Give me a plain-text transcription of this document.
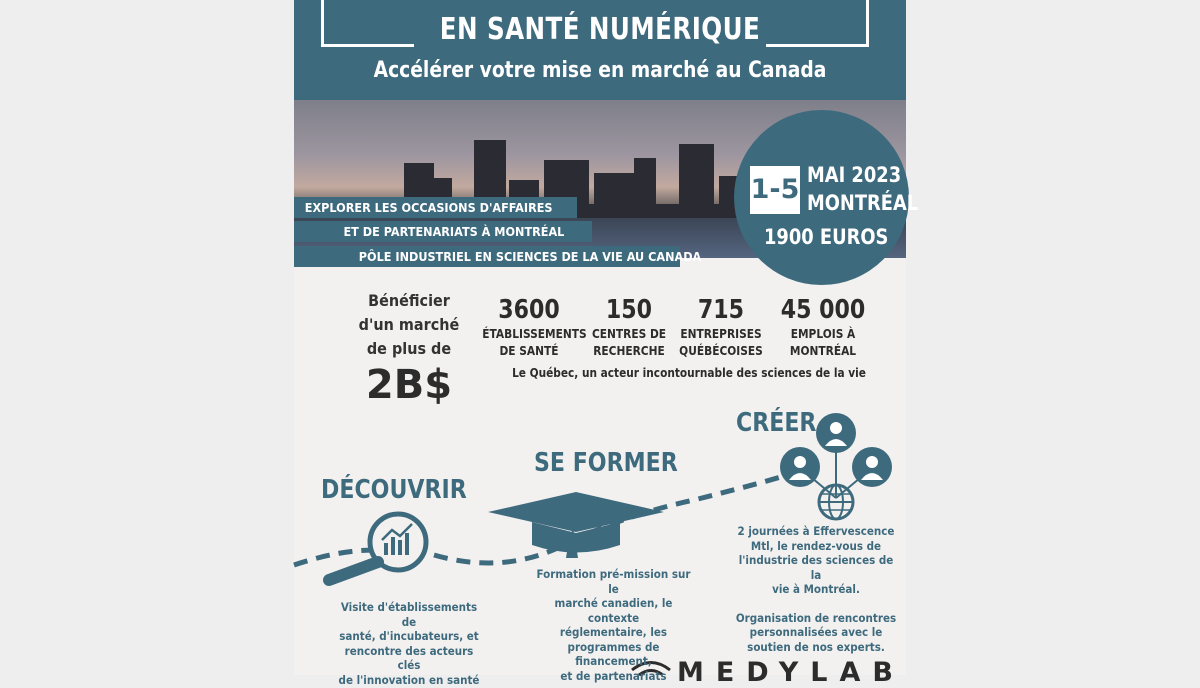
EN SANTÉ NUMÉRIQUE
Accélérer votre mise en marché au Canada
EXPLORER LES OCCASIONS D'AFFAIRES
ET DE PARTENARIATS À MONTRÉAL
PÔLE INDUSTRIEL EN SCIENCES DE LA VIE AU CANADA
1-5 MAI 2023
MONTRÉAL
1900 EUROS
Bénéficier
d'un marché
de plus de
2B$
3600
ÉTABLISSEMENTS
DE SANTÉ
150
CENTRES DE
RECHERCHE
715
ENTREPRISES
QUÉBÉCOISES
45 000
EMPLOIS À
MONTRÉAL
Le Québec, un acteur incontournable des sciences de la vie
DÉCOUVRIR
SE FORMER
CRÉER
Visite d'établissements de
santé, d'incubateurs, et
rencontre des acteurs clés
de l'innovation en santé
Formation pré-mission sur le
marché canadien, le contexte
réglementaire, les
programmes de financement,
et de partenariats
2 journées à Effervescence
Mtl, le rendez-vous de
l'industrie des sciences de la
vie à Montréal.
Organisation de rencontres
personnalisées avec le
soutien de nos experts.
MEDYLAB
